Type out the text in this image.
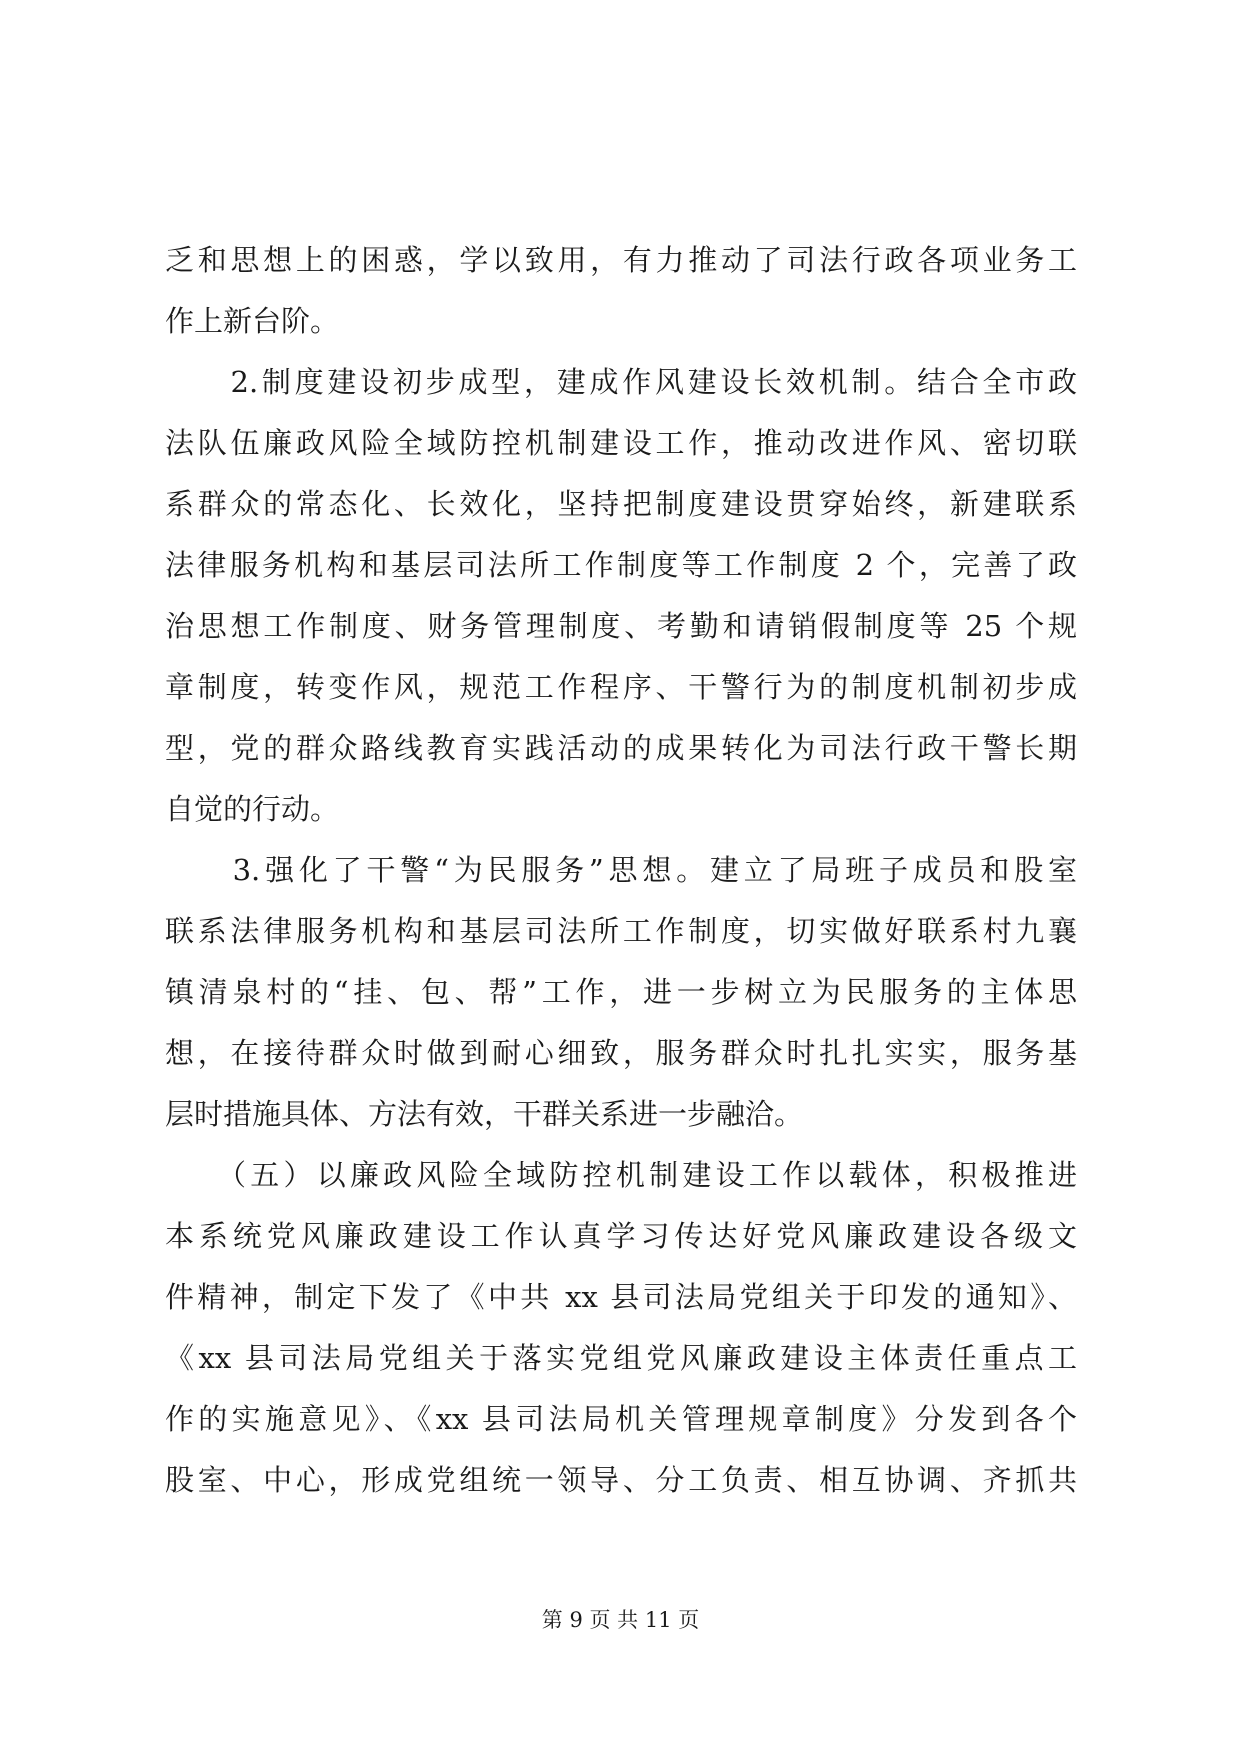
乏和思想上的困惑，学以致用，有力推动了司法行政各项业务工
作上新台阶。
　　2.制度建设初步成型，建成作风建设长效机制。结合全市政
法队伍廉政风险全域防控机制建设工作，推动改进作风、密切联
系群众的常态化、长效化，坚持把制度建设贯穿始终，新建联系
法律服务机构和基层司法所工作制度等工作制度 2 个，完善了政
治思想工作制度、财务管理制度、考勤和请销假制度等 25 个规
章制度，转变作风，规范工作程序、干警行为的制度机制初步成
型，党的群众路线教育实践活动的成果转化为司法行政干警长期
自觉的行动。
　　3.强化了干警“为民服务”思想。建立了局班子成员和股室
联系法律服务机构和基层司法所工作制度，切实做好联系村九襄
镇清泉村的“挂、包、帮”工作，进一步树立为民服务的主体思
想，在接待群众时做到耐心细致，服务群众时扎扎实实，服务基
层时措施具体、方法有效，干群关系进一步融洽。
　　（五）以廉政风险全域防控机制建设工作以载体，积极推进
本系统党风廉政建设工作认真学习传达好党风廉政建设各级文
件精神，制定下发了《中共 xx 县司法局党组关于印发的通知》、
《xx 县司法局党组关于落实党组党风廉政建设主体责任重点工
作的实施意见》、《xx 县司法局机关管理规章制度》分发到各个
股室、中心，形成党组统一领导、分工负责、相互协调、齐抓共
第 9 页 共 11 页
